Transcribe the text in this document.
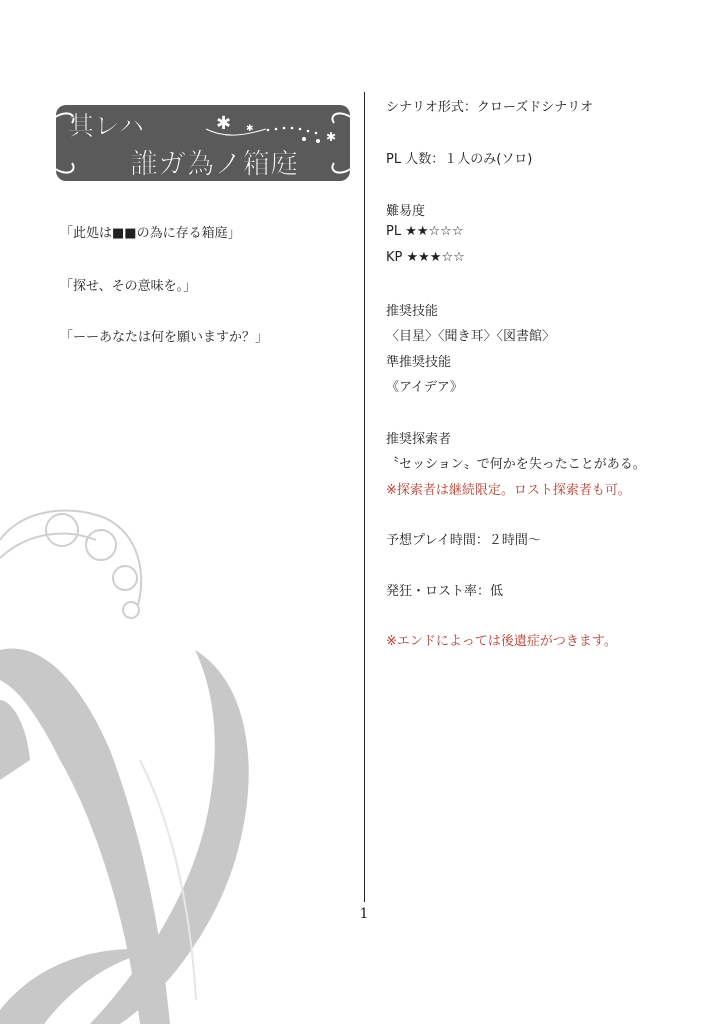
✱ ✱
✱
其レハ
誰ガ為ノ箱庭
「此処は■■の為に存る箱庭」
「探せ、その意味を。」
「ーーあなたは何を願いますか？」
シナリオ形式：クローズドシナリオ
PL 人数：１人のみ(ソロ)
難易度
PL ★★☆☆☆
KP ★★★☆☆
推奨技能
〈目星〉〈聞き耳〉〈図書館〉
準推奨技能
《アイデア》
推奨探索者
〝セッション〟で何かを失ったことがある。
※探索者は継続限定。ロスト探索者も可。
予想プレイ時間：２時間〜
発狂・ロスト率：低
※エンドによっては後遺症がつきます。
1
